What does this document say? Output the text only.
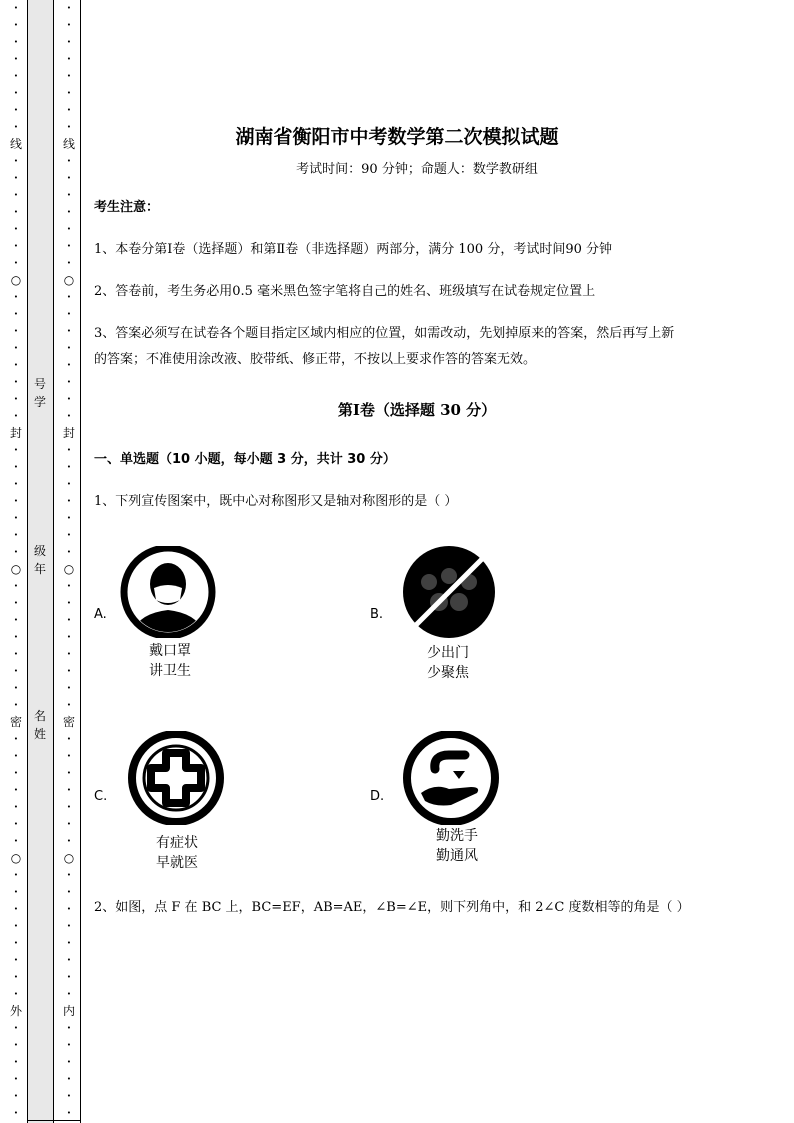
•
•
•
•
•
•
•
•
线
•
•
•
•
•
•
•
○
•
•
•
•
•
•
•
•
封
•
•
•
•
•
•
•
○
•
•
•
•
•
•
•
•
密
•
•
•
•
•
•
•
○
•
•
•
•
•
•
•
•
外
•
•
•
•
•
•
•
•
•
•
•
•
•
•
线
•
•
•
•
•
•
•
○
•
•
•
•
•
•
•
•
封
•
•
•
•
•
•
•
○
•
•
•
•
•
•
•
•
密
•
•
•
•
•
•
•
○
•
•
•
•
•
•
•
•
内
•
•
•
•
•
•
号
学
级
年
名
姓
湖南省衡阳市中考数学第二次模拟试题
考试时间：90 分钟；命题人：数学教研组
考生注意：
1、本卷分第Ⅰ卷（选择题）和第Ⅱ卷（非选择题）两部分，满分 100 分，考试时间90 分钟
2、答卷前，考生务必用0.5 毫米黑色签字笔将自己的姓名、班级填写在试卷规定位置上
3、答案必须写在试卷各个题目指定区域内相应的位置，如需改动，先划掉原来的答案，然后再写上新
的答案；不准使用涂改液、胶带纸、修正带，不按以上要求作答的答案无效。
第Ⅰ卷（选择题 30 分）
一、单选题（10 小题，每小题 3 分，共计 30 分）
1、下列宣传图案中，既中心对称图形又是轴对称图形的是（ ）
A.
戴口罩
讲卫生
B.
少出门
少聚焦
C.
有症状
早就医
D.
勤洗手
勤通风
2、如图，点 F 在 BC 上，BC=EF，AB=AE，∠B=∠E，则下列角中，和 2∠C 度数相等的角是（ ）
